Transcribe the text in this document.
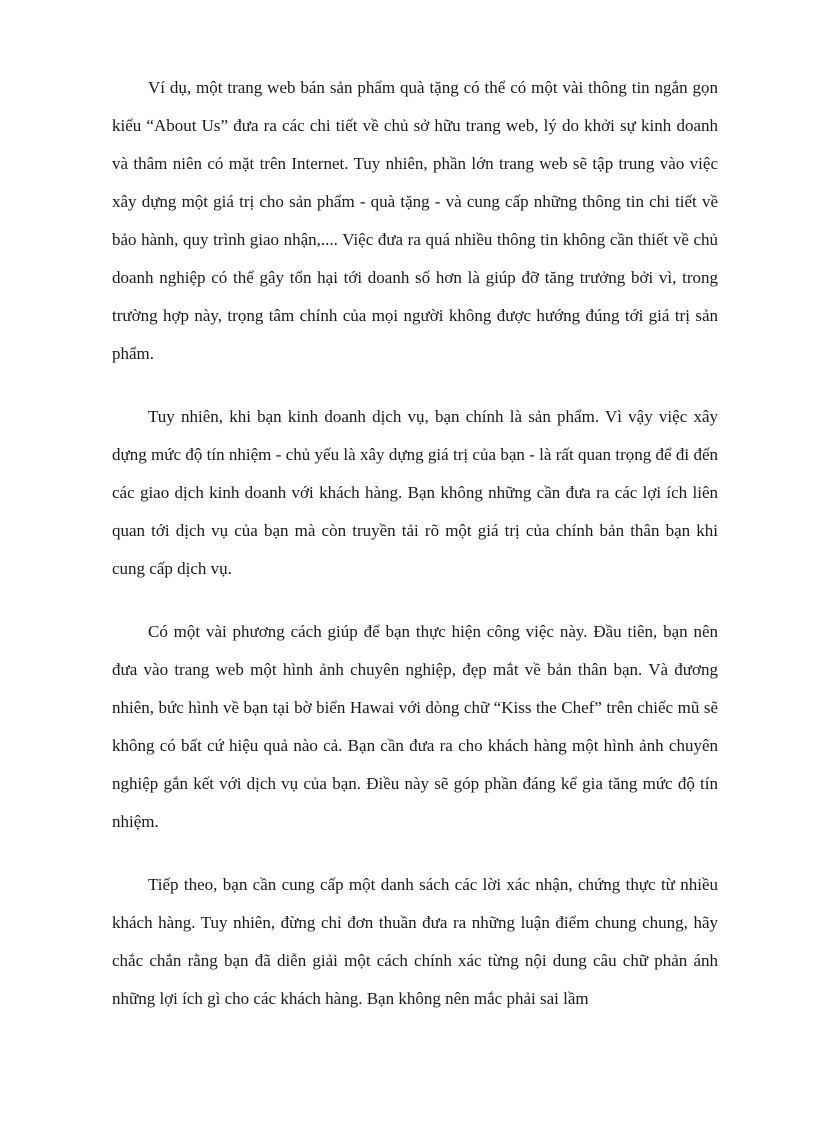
Ví dụ, một trang web bán sản phẩm quà tặng có thể có một vài thông tin ngắn gọn kiểu “About Us” đưa ra các chi tiết về chủ sở hữu trang web, lý do khởi sự kinh doanh và thâm niên có mặt trên Internet. Tuy nhiên, phần lớn trang web sẽ tập trung vào việc xây dựng một giá trị cho sản phẩm - quà tặng - và cung cấp những thông tin chi tiết về bảo hành, quy trình giao nhận,.... Việc đưa ra quá nhiều thông tin không cần thiết về chủ doanh nghiệp có thể gây tổn hại tới doanh số hơn là giúp đỡ tăng trưởng bởi vì, trong trường hợp này, trọng tâm chính của mọi người không được hướng đúng tới giá trị sản phẩm.

Tuy nhiên, khi bạn kinh doanh dịch vụ, bạn chính là sản phẩm. Vì vậy việc xây dựng mức độ tín nhiệm - chủ yếu là xây dựng giá trị của bạn - là rất quan trọng để đi đến các giao dịch kinh doanh với khách hàng. Bạn không những cần đưa ra các lợi ích liên quan tới dịch vụ của bạn mà còn truyền tải rõ một giá trị của chính bản thân bạn khi cung cấp dịch vụ.

Có một vài phương cách giúp để bạn thực hiện công việc này. Đầu tiên, bạn nên đưa vào trang web một hình ảnh chuyên nghiệp, đẹp mắt về bản thân bạn. Và đương nhiên, bức hình về bạn tại bờ biển Hawai với dòng chữ “Kiss the Chef” trên chiếc mũ sẽ không có bất cứ hiệu quả nào cả. Bạn cần đưa ra cho khách hàng một hình ảnh chuyên nghiệp gắn kết với dịch vụ của bạn. Điều này sẽ góp phần đáng kể gia tăng mức độ tín nhiệm.

Tiếp theo, bạn cần cung cấp một danh sách các lời xác nhận, chứng thực từ nhiều khách hàng. Tuy nhiên, đừng chỉ đơn thuần đưa ra những luận điểm chung chung, hãy chắc chắn rằng bạn đã diễn giải một cách chính xác từng nội dung câu chữ phản ánh những lợi ích gì cho các khách hàng. Bạn không nên mắc phải sai lầm
